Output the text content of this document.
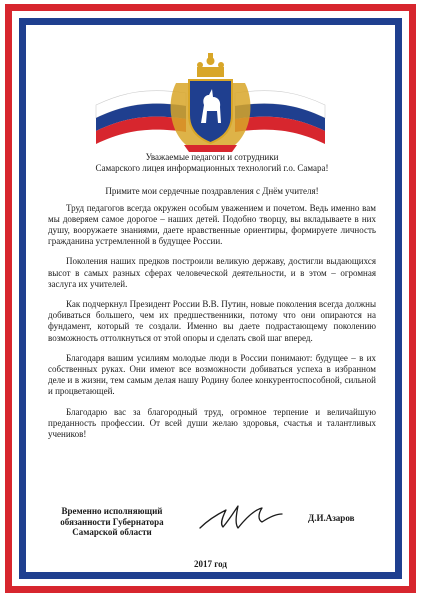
Уважаемые педагоги и сотрудники
Самарского лицея информационных технологий г.о. Самара!
Примите мои сердечные поздравления с Днём учителя!

Труд педагогов всегда окружен особым уважением и почетом. Ведь именно вам мы доверяем самое дорогое – наших детей. Подобно творцу, вы вкладываете в них душу, вооружаете знаниями, даете нравственные ориентиры, формируете личность гражданина устремленной в будущее России.

Поколения наших предков построили великую державу, достигли выдающихся высот в самых разных сферах человеческой деятельности, и в этом – огромная заслуга их учителей.

Как подчеркнул Президент России В.В. Путин, новые поколения всегда должны добиваться большего, чем их предшественники, потому что они опираются на фундамент, который те создали. Именно вы даете подрастающему поколению возможность оттолкнуться от этой опоры и сделать свой шаг вперед.

Благодаря вашим усилиям молодые люди в России понимают: будущее – в их собственных руках. Они имеют все возможности добиваться успеха в избранном деле и в жизни, тем самым делая нашу Родину более конкурентоспособной, сильной и процветающей.

Благодарю вас за благородный труд, огромное терпение и величайшую преданность профессии. От всей души желаю здоровья, счастья и талантливых учеников!

Временно исполняющий
обязанности Губернатора
Самарской области
Д.И.Азаров
2017 год
